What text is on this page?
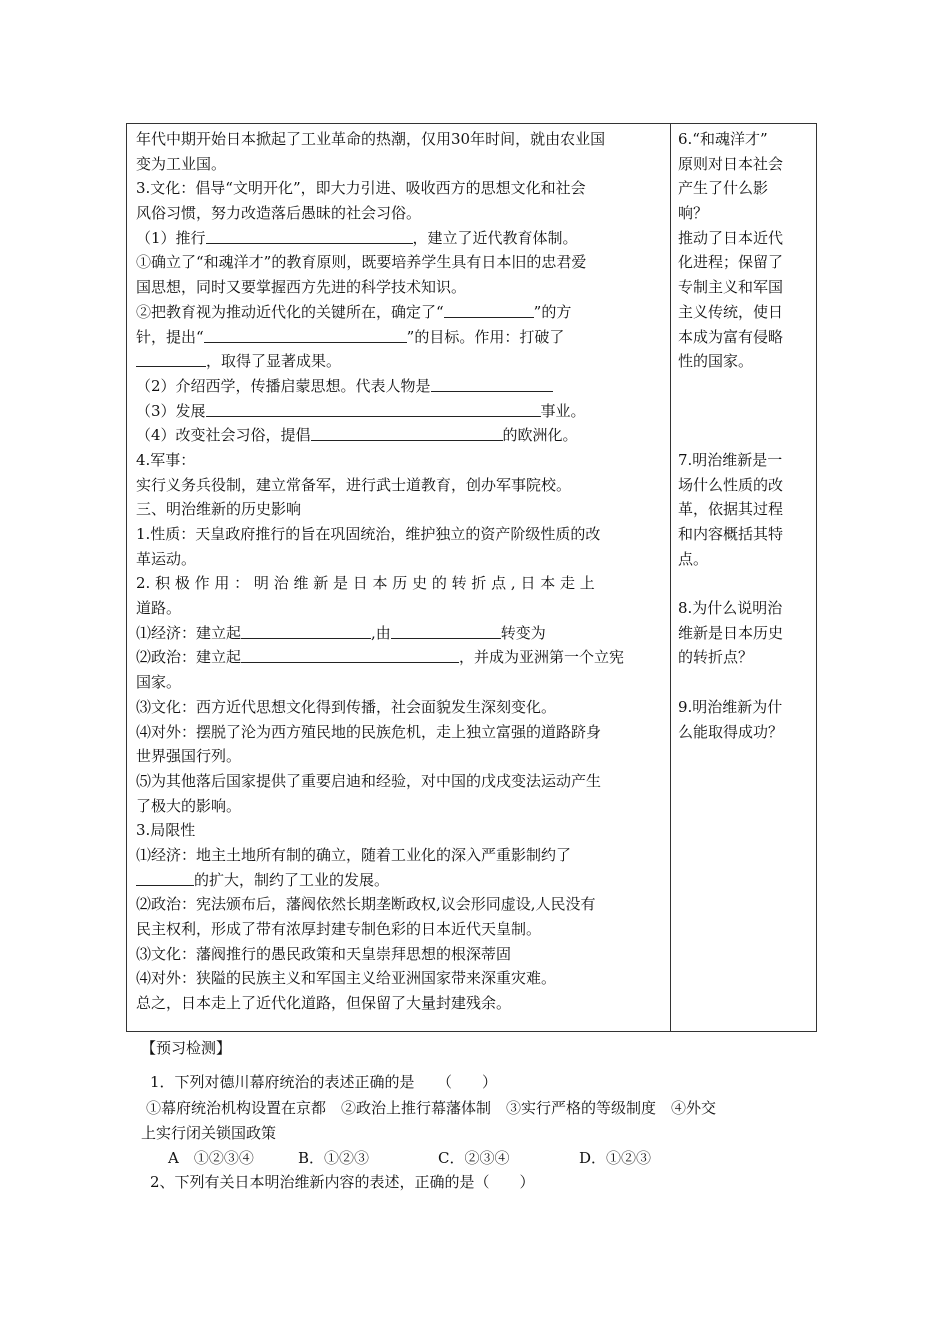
年代中期开始日本掀起了工业革命的热潮，仅用30年时间，就由农业国
变为工业国。
3.文化：倡导“文明开化”，即大力引进、吸收西方的思想文化和社会
风俗习惯，努力改造落后愚昧的社会习俗。
（1）推行	，建立了近代教育体制。
①确立了“和魂洋才”的教育原则，既要培养学生具有日本旧的忠君爱
国思想，同时又要掌握西方先进的科学技术知识。
②把教育视为推动近代化的关键所在，确定了“	”的方
针，提出“	”的目标。作用：打破了
，取得了显著成果。
（2）介绍西学，传播启蒙思想。代表人物是
（3）发展	事业。
（4）改变社会习俗，提倡	的欧洲化。
4.军事：
实行义务兵役制，建立常备军，进行武士道教育，创办军事院校。
三、明治维新的历史影响
1.性质：天皇政府推行的旨在巩固统治，维护独立的资产阶级性质的改
革运动。
2. 积 极 作 用 ： 明 治 维 新 是 日 本 历 史 的 转 折 点 , 日 本 走 上
道路。
⑴经济：建立起	,由	转变为
⑵政治：建立起	，并成为亚洲第一个立宪
国家。
⑶文化：西方近代思想文化得到传播，社会面貌发生深刻变化。
⑷对外：摆脱了沦为西方殖民地的民族危机，走上独立富强的道路跻身
世界强国行列。
⑸为其他落后国家提供了重要启迪和经验，对中国的戊戌变法运动产生
了极大的影响。
3.局限性
⑴经济：地主土地所有制的确立，随着工业化的深入严重影制约了
的扩大，制约了工业的发展。
⑵政治：宪法颁布后，藩阀依然长期垄断政权,议会形同虚设,人民没有
民主权利，形成了带有浓厚封建专制色彩的日本近代天皇制。
⑶文化：藩阀推行的愚民政策和天皇崇拜思想的根深蒂固
⑷对外：狭隘的民族主义和军国主义给亚洲国家带来深重灾难。
总之，日本走上了近代化道路，但保留了大量封建残余。

6.“和魂洋才”
原则对日本社会
产生了什么影
响？
推动了日本近代
化进程；保留了
专制主义和军国
主义传统，使日
本成为富有侵略
性的国家。
7.明治维新是一
场什么性质的改
革，依据其过程
和内容概括其特
点。
8.为什么说明治
维新是日本历史
的转折点？
9.明治维新为什
么能取得成功？
【预习检测】
1．下列对德川幕府统治的表述正确的是　　（　　）
①幕府统治机构设置在京都　②政治上推行幕藩体制　③实行严格的等级制度　④外交
上实行闭关锁国政策
A　①②③④	B．①②③	C．②③④	D．①②③
2、下列有关日本明治维新内容的表述，正确的是（　　）
